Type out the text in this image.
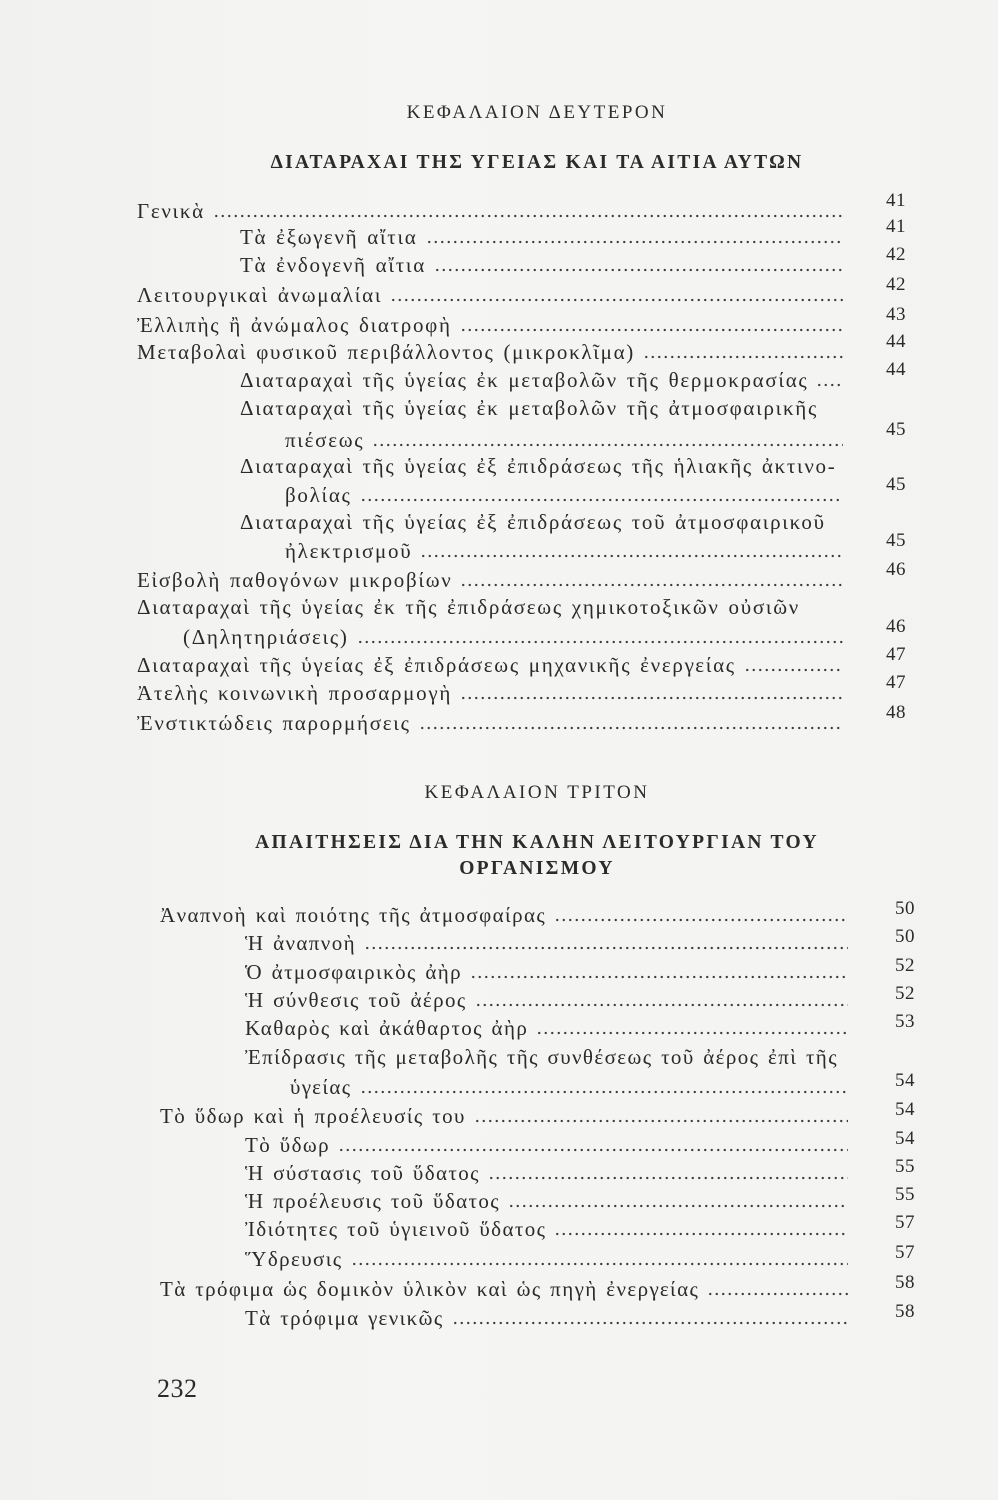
ΚΕΦΑΛΑΙΟΝ ΔΕΥΤΕΡΟΝ
ΔΙΑΤΑΡΑΧΑΙ ΤΗΣ ΥΓΕΙΑΣ ΚΑΙ ΤΑ ΑΙΤΙΑ ΑΥΤΩΝ
Γενικὰ	41
Τὰ ἐξωγενῆ αἴτια	41
Τὰ ἐνδογενῆ αἴτια	42
Λειτουργικαὶ ἀνωμαλίαι	42
Ἐλλιπὴς ἢ ἀνώμαλος διατροφὴ	43
Μεταβολαὶ φυσικοῦ περιβάλλοντος (μικροκλῖμα)	44
Διαταραχαὶ τῆς ὑγείας ἐκ μεταβολῶν τῆς θερμοκρασίας	44
Διαταραχαὶ τῆς ὑγείας ἐκ μεταβολῶν τῆς ἀτμοσφαιρικῆς
πιέσεως	45
Διαταραχαὶ τῆς ὑγείας ἐξ ἐπιδράσεως τῆς ἡλιακῆς ἀκτινο-
βολίας	45
Διαταραχαὶ τῆς ὑγείας ἐξ ἐπιδράσεως τοῦ ἀτμοσφαιρικοῦ
ἠλεκτρισμοῦ	45
Εἰσβολὴ παθογόνων μικροβίων	46
Διαταραχαὶ τῆς ὑγείας ἐκ τῆς ἐπιδράσεως χημικοτοξικῶν οὐσιῶν
(Δηλητηριάσεις)	46
Διαταραχαὶ τῆς ὑγείας ἐξ ἐπιδράσεως μηχανικῆς ἐνεργείας	47
Ἀτελὴς κοινωνικὴ προσαρμογὴ	47
Ἐνστικτώδεις παρορμήσεις	48
ΚΕΦΑΛΑΙΟΝ ΤΡΙΤΟΝ
ΑΠΑΙΤΗΣΕΙΣ ΔΙΑ ΤΗΝ ΚΑΛΗΝ ΛΕΙΤΟΥΡΓΙΑΝ ΤΟΥ
ΟΡΓΑΝΙΣΜΟΥ
Ἀναπνοὴ καὶ ποιότης τῆς ἀτμοσφαίρας	50
Ἡ ἀναπνοὴ	50
Ὁ ἀτμοσφαιρικὸς ἀὴρ	52
Ἡ σύνθεσις τοῦ ἀέρος	52
Καθαρὸς καὶ ἀκάθαρτος ἀὴρ	53
Ἐπίδρασις τῆς μεταβολῆς τῆς συνθέσεως τοῦ ἀέρος ἐπὶ τῆς
ὑγείας	54
Τὸ ὕδωρ καὶ ἡ προέλευσίς του	54
Τὸ ὕδωρ	54
Ἡ σύστασις τοῦ ὕδατος	55
Ἡ προέλευσις τοῦ ὕδατος	55
Ἰδιότητες τοῦ ὑγιεινοῦ ὕδατος	57
Ὕδρευσις	57
Τὰ τρόφιμα ὡς δομικὸν ὑλικὸν καὶ ὡς πηγὴ ἐνεργείας	58
Τὰ τρόφιμα γενικῶς	58
232
